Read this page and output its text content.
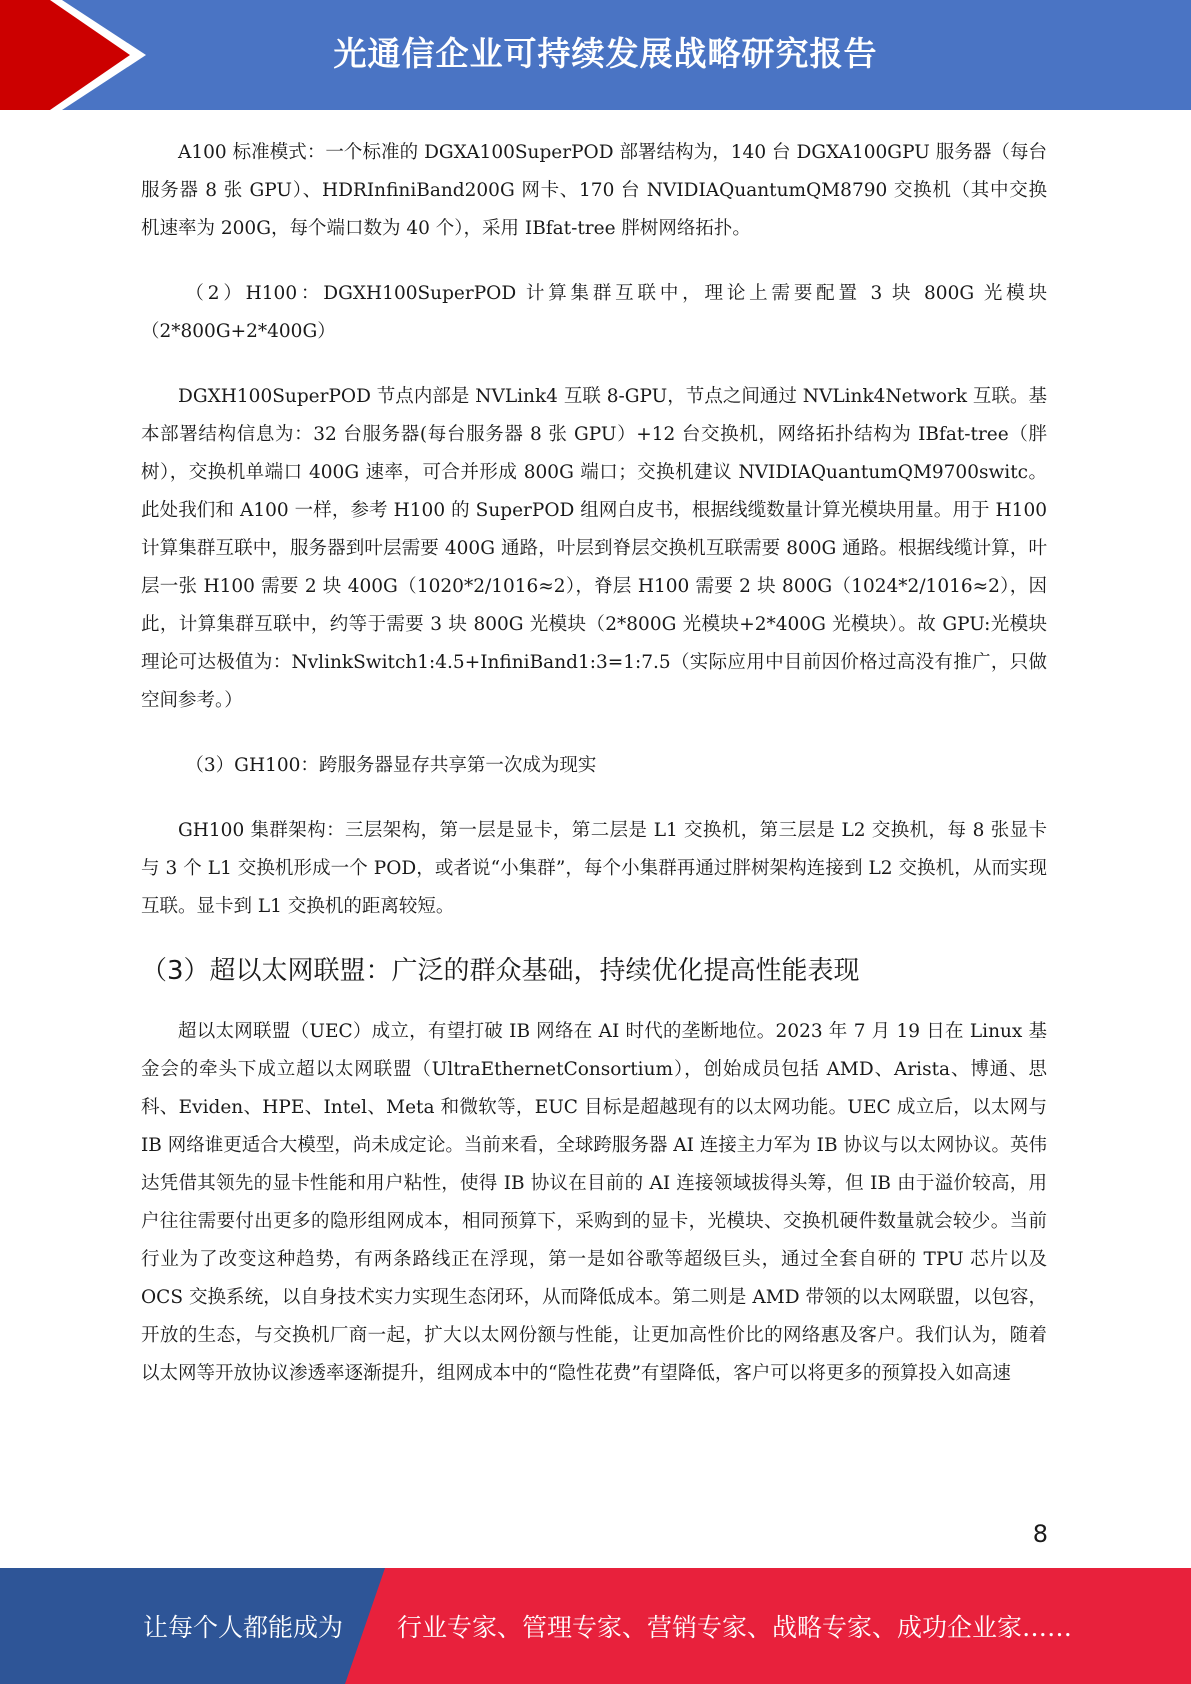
光通信企业可持续发展战略研究报告

A100 标准模式：一个标准的 DGXA100SuperPOD 部署结构为，140 台 DGXA100GPU 服务器（每台服务器 8 张 GPU）、HDRInfiniBand200G 网卡、170 台 NVIDIAQuantumQM8790 交换机（其中交换机速率为 200G，每个端口数为 40 个），采用 IBfat-tree 胖树网络拓扑。

（2）H100：DGXH100SuperPOD 计算集群互联中，理论上需要配置 3 块 800G 光模块（2*800G+2*400G）

DGXH100SuperPOD 节点内部是 NVLink4 互联 8-GPU，节点之间通过 NVLink4Network 互联。基本部署结构信息为：32 台服务器(每台服务器 8 张 GPU）+12 台交换机，网络拓扑结构为 IBfat-tree（胖树），交换机单端口 400G 速率，可合并形成 800G 端口；交换机建议 NVIDIAQuantumQM9700switc。此处我们和 A100 一样，参考 H100 的 SuperPOD 组网白皮书，根据线缆数量计算光模块用量。用于 H100 计算集群互联中，服务器到叶层需要 400G 通路，叶层到脊层交换机互联需要 800G 通路。根据线缆计算，叶层一张 H100 需要 2 块 400G（1020*2/1016≈2），脊层 H100 需要 2 块 800G（1024*2/1016≈2），因此，计算集群互联中，约等于需要 3 块 800G 光模块（2*800G 光模块+2*400G 光模块）。故 GPU:光模块理论可达极值为：NvlinkSwitch1:4.5+InfiniBand1:3=1:7.5（实际应用中目前因价格过高没有推广，只做空间参考。）

（3）GH100：跨服务器显存共享第一次成为现实

GH100 集群架构：三层架构，第一层是显卡，第二层是 L1 交换机，第三层是 L2 交换机，每 8 张显卡与 3 个 L1 交换机形成一个 POD，或者说“小集群”，每个小集群再通过胖树架构连接到 L2 交换机，从而实现互联。显卡到 L1 交换机的距离较短。

（3）超以太网联盟：广泛的群众基础，持续优化提高性能表现

超以太网联盟（UEC）成立，有望打破 IB 网络在 AI 时代的垄断地位。2023 年 7 月 19 日在 Linux 基金会的牵头下成立超以太网联盟（UltraEthernetConsortium），创始成员包括 AMD、Arista、博通、思科、Eviden、HPE、Intel、Meta 和微软等，EUC 目标是超越现有的以太网功能。UEC 成立后，以太网与 IB 网络谁更适合大模型，尚未成定论。当前来看，全球跨服务器 AI 连接主力军为 IB 协议与以太网协议。英伟达凭借其领先的显卡性能和用户粘性，使得 IB 协议在目前的 AI 连接领域拔得头筹，但 IB 由于溢价较高，用户往往需要付出更多的隐形组网成本，相同预算下，采购到的显卡，光模块、交换机硬件数量就会较少。当前行业为了改变这种趋势，有两条路线正在浮现，第一是如谷歌等超级巨头，通过全套自研的 TPU 芯片以及 OCS 交换系统，以自身技术实力实现生态闭环，从而降低成本。第二则是 AMD 带领的以太网联盟，以包容，开放的生态，与交换机厂商一起，扩大以太网份额与性能，让更加高性价比的网络惠及客户。我们认为，随着以太网等开放协议渗透率逐渐提升，组网成本中的“隐性花费”有望降低，客户可以将更多的预算投入如高速

8
让每个人都能成为 行业专家、管理专家、营销专家、战略专家、成功企业家……
